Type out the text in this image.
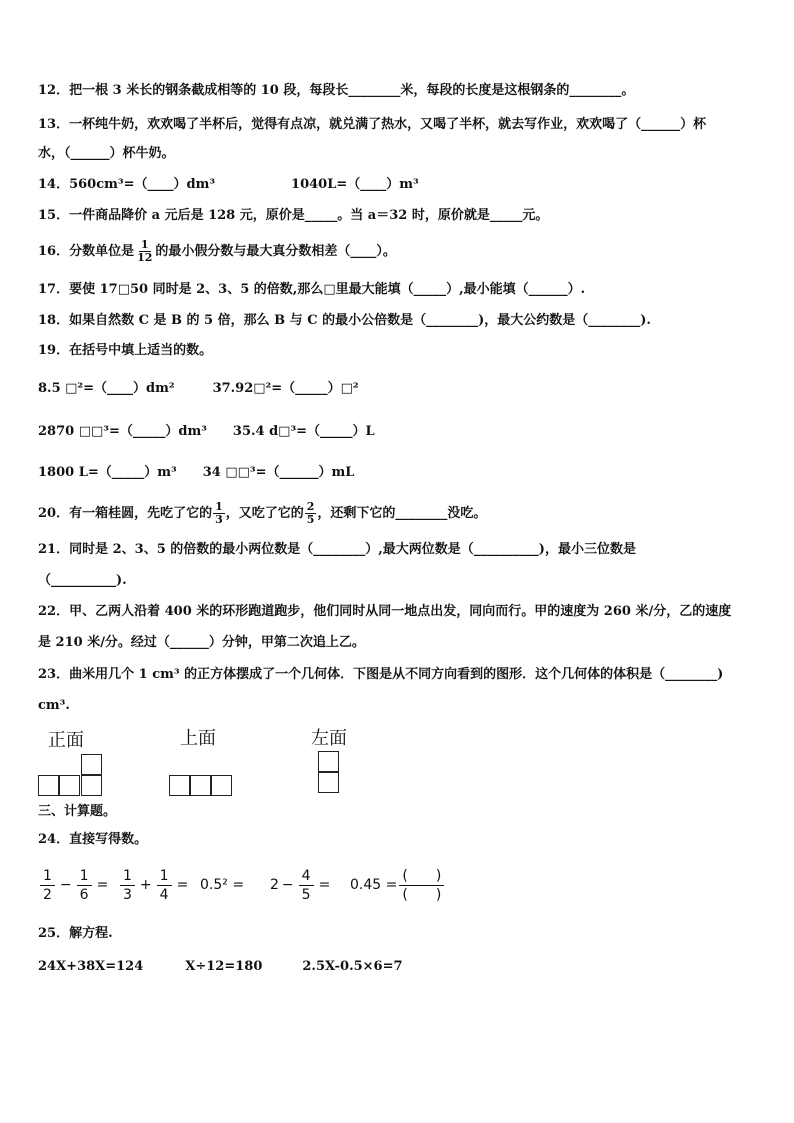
12．把一根 3 米长的钢条截成相等的 10 段，每段长________米，每段的长度是这根钢条的________。
13．一杯纯牛奶，欢欢喝了半杯后，觉得有点凉，就兑满了热水，又喝了半杯，就去写作业，欢欢喝了（______）杯
水，（______）杯牛奶。
14．560cm³=（____）dm³	1040L=（____）m³
15．一件商品降价 a 元后是 128 元，原价是_____。当 a＝32 时，原价就是_____元。
16．分数单位是 $\frac{1}{12}$ 的最小假分数与最大真分数相差（____）。
17．要使 17□50 同时是 2、3、5 的倍数,那么□里最大能填（_____）,最小能填（______）.
18．如果自然数 C 是 B 的 5 倍，那么 B 与 C 的最小公倍数是（________)，最大公约数是（________).
19．在括号中填上适当的数。
8.5 □²=（____）dm²	37.92□²=（_____）□²
2870 □□³=（_____）dm³ 35.4 d□³=（_____）L
1800 L=（_____）m³ 34 □□³=（______）mL
20．有一箱桂圆，先吃了它的 $\frac{1}{3}$ ，又吃了它的 $\frac{2}{5}$ ，还剩下它的________没吃。
21．同时是 2、3、5 的倍数的最小两位数是（________）,最大两位数是（__________)，最小三位数是
（__________).
22．甲、乙两人沿着 400 米的环形跑道跑步，他们同时从同一地点出发，同向而行。甲的速度为 260 米/分，乙的速度
是 210 米/分。经过（______）分钟，甲第二次追上乙。
23．曲米用几个 1 cm³ 的正方体摆成了一个几何体．下图是从不同方向看到的图形．这个几何体的体积是（________)
cm³.
正面	上面	左面
三、计算题。
24．直接写得数。
1
2
− $\frac{1}{6}$ =
1
3
+ $\frac{1}{4} = 0.5^2 = 2 - \frac{4}{5} = 0.45$ =
(　　)
(　　)
25．解方程.
24X+38X=124	X÷12=180	2.5X-0.5×6=7
